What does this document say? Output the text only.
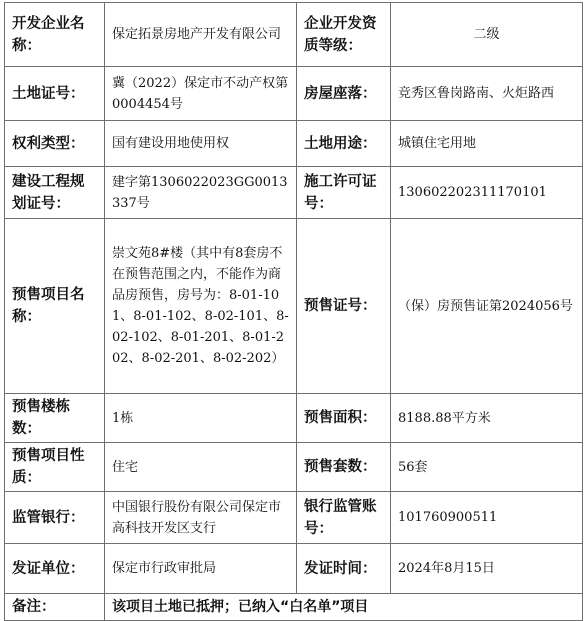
开发企业名称：	保定拓景房地产开发有限公司	企业开发资质等级：	二级
土地证号：	冀（2022）保定市不动产权第0004454号	房屋座落：	竞秀区鲁岗路南、火炬路西
权利类型：	国有建设用地使用权	土地用途：	城镇住宅用地
建设工程规划证号：	建字第1306022023GG0013337号	施工许可证号：	130602202311170101
预售项目名称：	崇文苑8#楼（其中有8套房不在预售范围之内，不能作为商品房预售，房号为：8-01-101、8-01-102、8-02-101、8-02-102、8-01-201、8-01-202、8-02-201、8-02-202）	预售证号：	（保）房预售证第2024056号
预售楼栋数：	1栋	预售面积：	8188.88平方米
预售项目性质：	住宅	预售套数：	56套
监管银行：	中国银行股份有限公司保定市高科技开发区支行	银行监管账号：	101760900511
发证单位：	保定市行政审批局	发证时间：	2024年8月15日
备注：	该项目土地已抵押；已纳入“白名单”项目		
